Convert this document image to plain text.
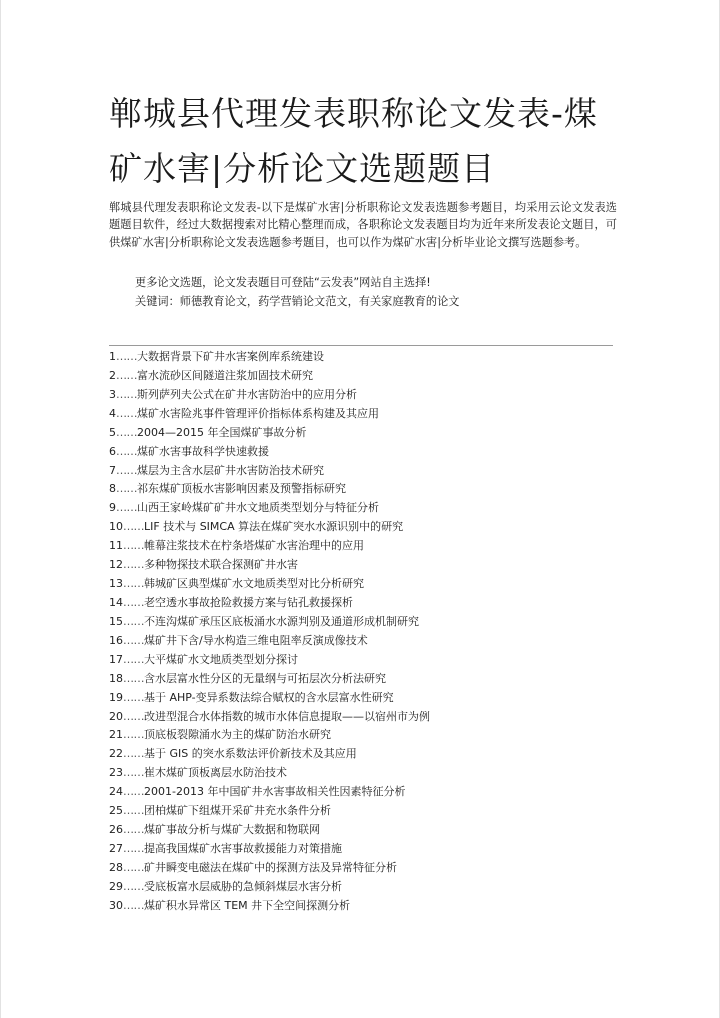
郸城县代理发表职称论文发表-煤矿水害|分析论文选题题目

郸城县代理发表职称论文发表-以下是煤矿水害|分析职称论文发表选题参考题目，均采用云论文发表选题题目软件，经过大数据搜索对比精心整理而成，各职称论文发表题目均为近年来所发表论文题目，可供煤矿水害|分析职称论文发表选题参考题目，也可以作为煤矿水害|分析毕业论文撰写选题参考。

更多论文选题，论文发表题目可登陆“云发表”网站自主选择!

关键词：师德教育论文，药学营销论文范文，有关家庭教育的论文

1……大数据背景下矿井水害案例库系统建设
2……富水流砂区间隧道注浆加固技术研究
3……斯列萨列夫公式在矿井水害防治中的应用分析
4……煤矿水害险兆事件管理评价指标体系构建及其应用
5……2004—2015 年全国煤矿事故分析
6……煤矿水害事故科学快速救援
7……煤层为主含水层矿井水害防治技术研究
8……祁东煤矿顶板水害影响因素及预警指标研究
9……山西王家岭煤矿矿井水文地质类型划分与特征分析
10……LIF 技术与 SIMCA 算法在煤矿突水水源识别中的研究
11……帷幕注浆技术在柠条塔煤矿水害治理中的应用
12……多种物探技术联合探测矿井水害
13……韩城矿区典型煤矿水文地质类型对比分析研究
14……老空透水事故抢险救援方案与钻孔救援探析
15……不连沟煤矿承压区底板涌水水源判别及通道形成机制研究
16……煤矿井下含/导水构造三维电阻率反演成像技术
17……大平煤矿水文地质类型划分探讨
18……含水层富水性分区的无量纲与可拓层次分析法研究
19……基于 AHP-变异系数法综合赋权的含水层富水性研究
20……改进型混合水体指数的城市水体信息提取——以宿州市为例
21……顶底板裂隙涌水为主的煤矿防治水研究
22……基于 GIS 的突水系数法评价新技术及其应用
23……崔木煤矿顶板离层水防治技术
24……2001-2013 年中国矿井水害事故相关性因素特征分析
25……团柏煤矿下组煤开采矿井充水条件分析
26……煤矿事故分析与煤矿大数据和物联网
27……提高我国煤矿水害事故救援能力对策措施
28……矿井瞬变电磁法在煤矿中的探测方法及异常特征分析
29……受底板富水层威胁的急倾斜煤层水害分析
30……煤矿积水异常区 TEM 井下全空间探测分析
